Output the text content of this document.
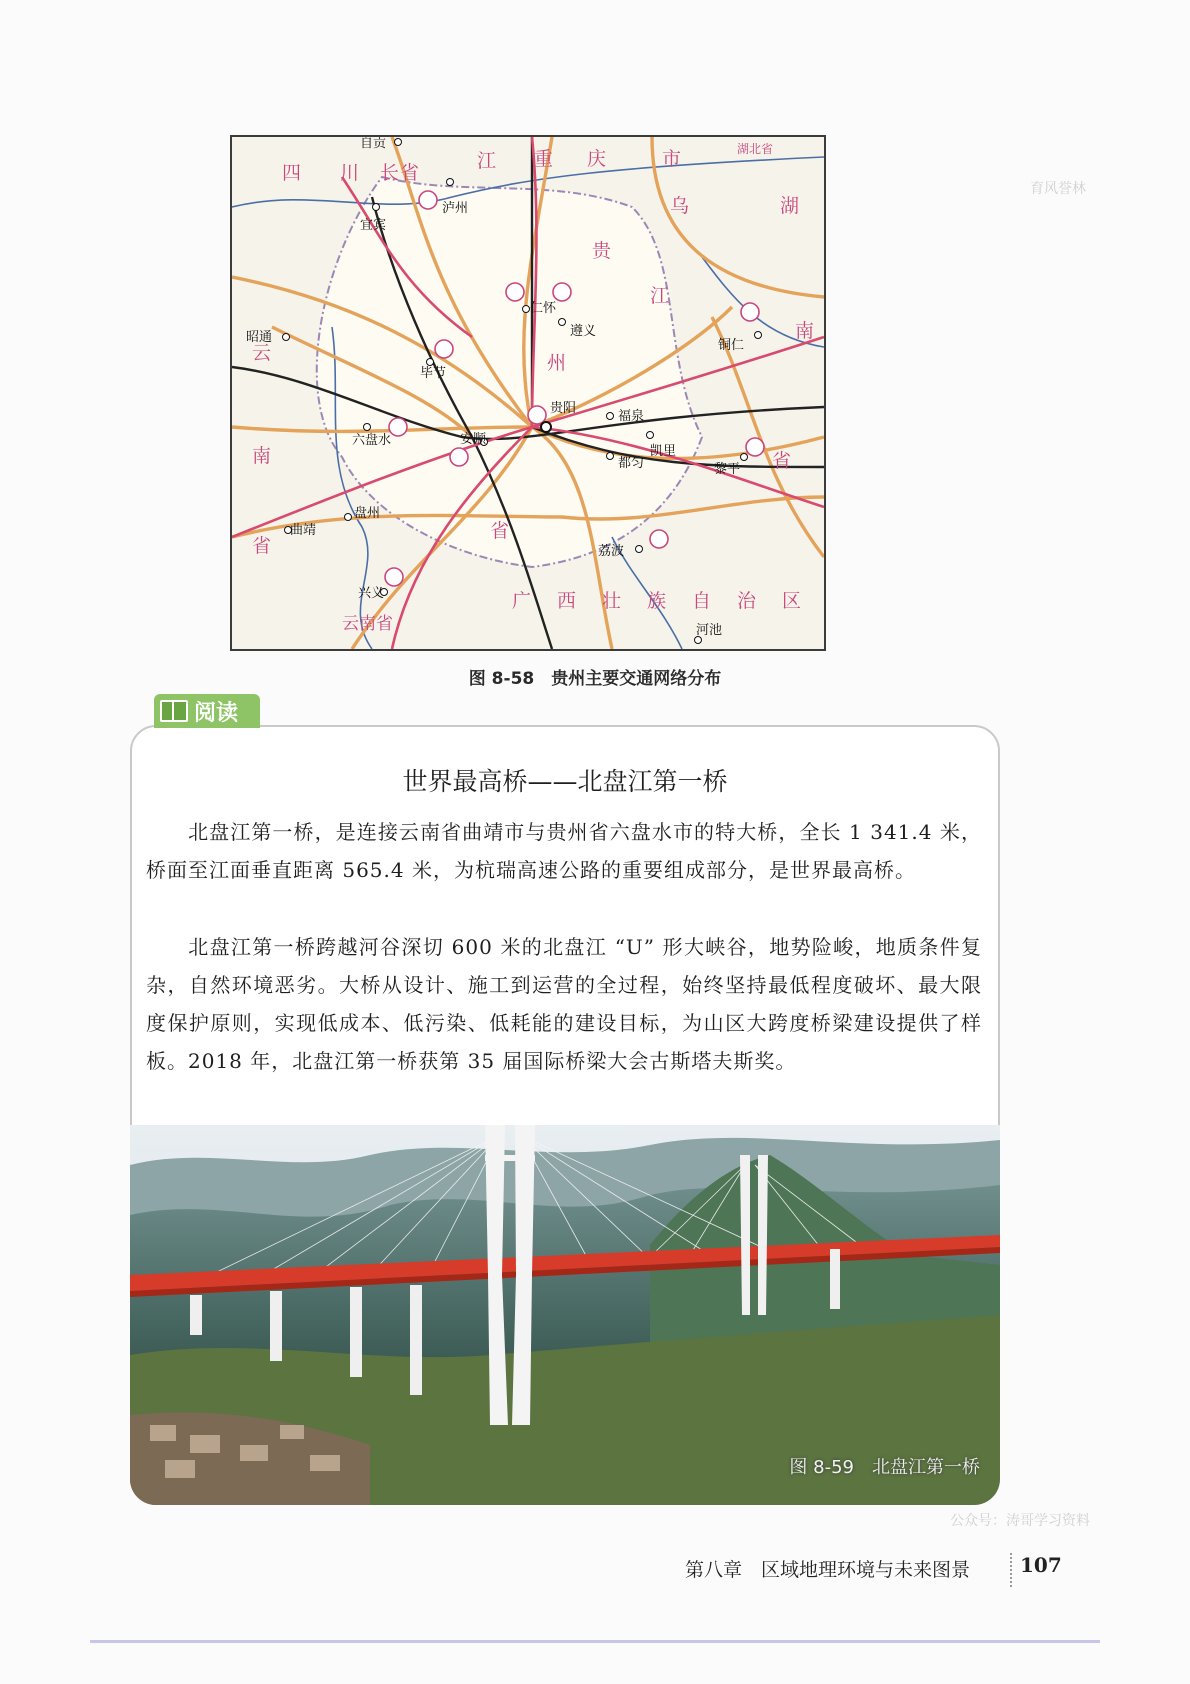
育风誉林
四 川 长 省
江 重 庆	市	湖北省
乌	湖
贵
江
南
云	州
南	省
省
省
云南省
广 西 壮 族 自 治 区
自贡
泸州
宜宾
仁怀
遵义
铜仁
昭通
毕节
贵阳
福泉
凯里
六盘水	安顺
都匀	黎平
曲靖
盘州
荔波
兴义
河池
图 8-58　贵州主要交通网络分布
阅读
世界最高桥——北盘江第一桥
北盘江第一桥，是连接云南省曲靖市与贵州省六盘水市的特大桥，全长 1 341.4 米，桥面至江面垂直距离 565.4 米，为杭瑞高速公路的重要组成部分，是世界最高桥。
北盘江第一桥跨越河谷深切 600 米的北盘江 “U” 形大峡谷，地势险峻，地质条件复杂，自然环境恶劣。大桥从设计、施工到运营的全过程，始终坚持最低程度破坏、最大限度保护原则，实现低成本、低污染、低耗能的建设目标，为山区大跨度桥梁建设提供了样板。2018 年，北盘江第一桥获第 35 届国际桥梁大会古斯塔夫斯奖。
图 8-59　北盘江第一桥
公众号：涛哥学习资料
第八章　区域地理环境与未来图景	107
